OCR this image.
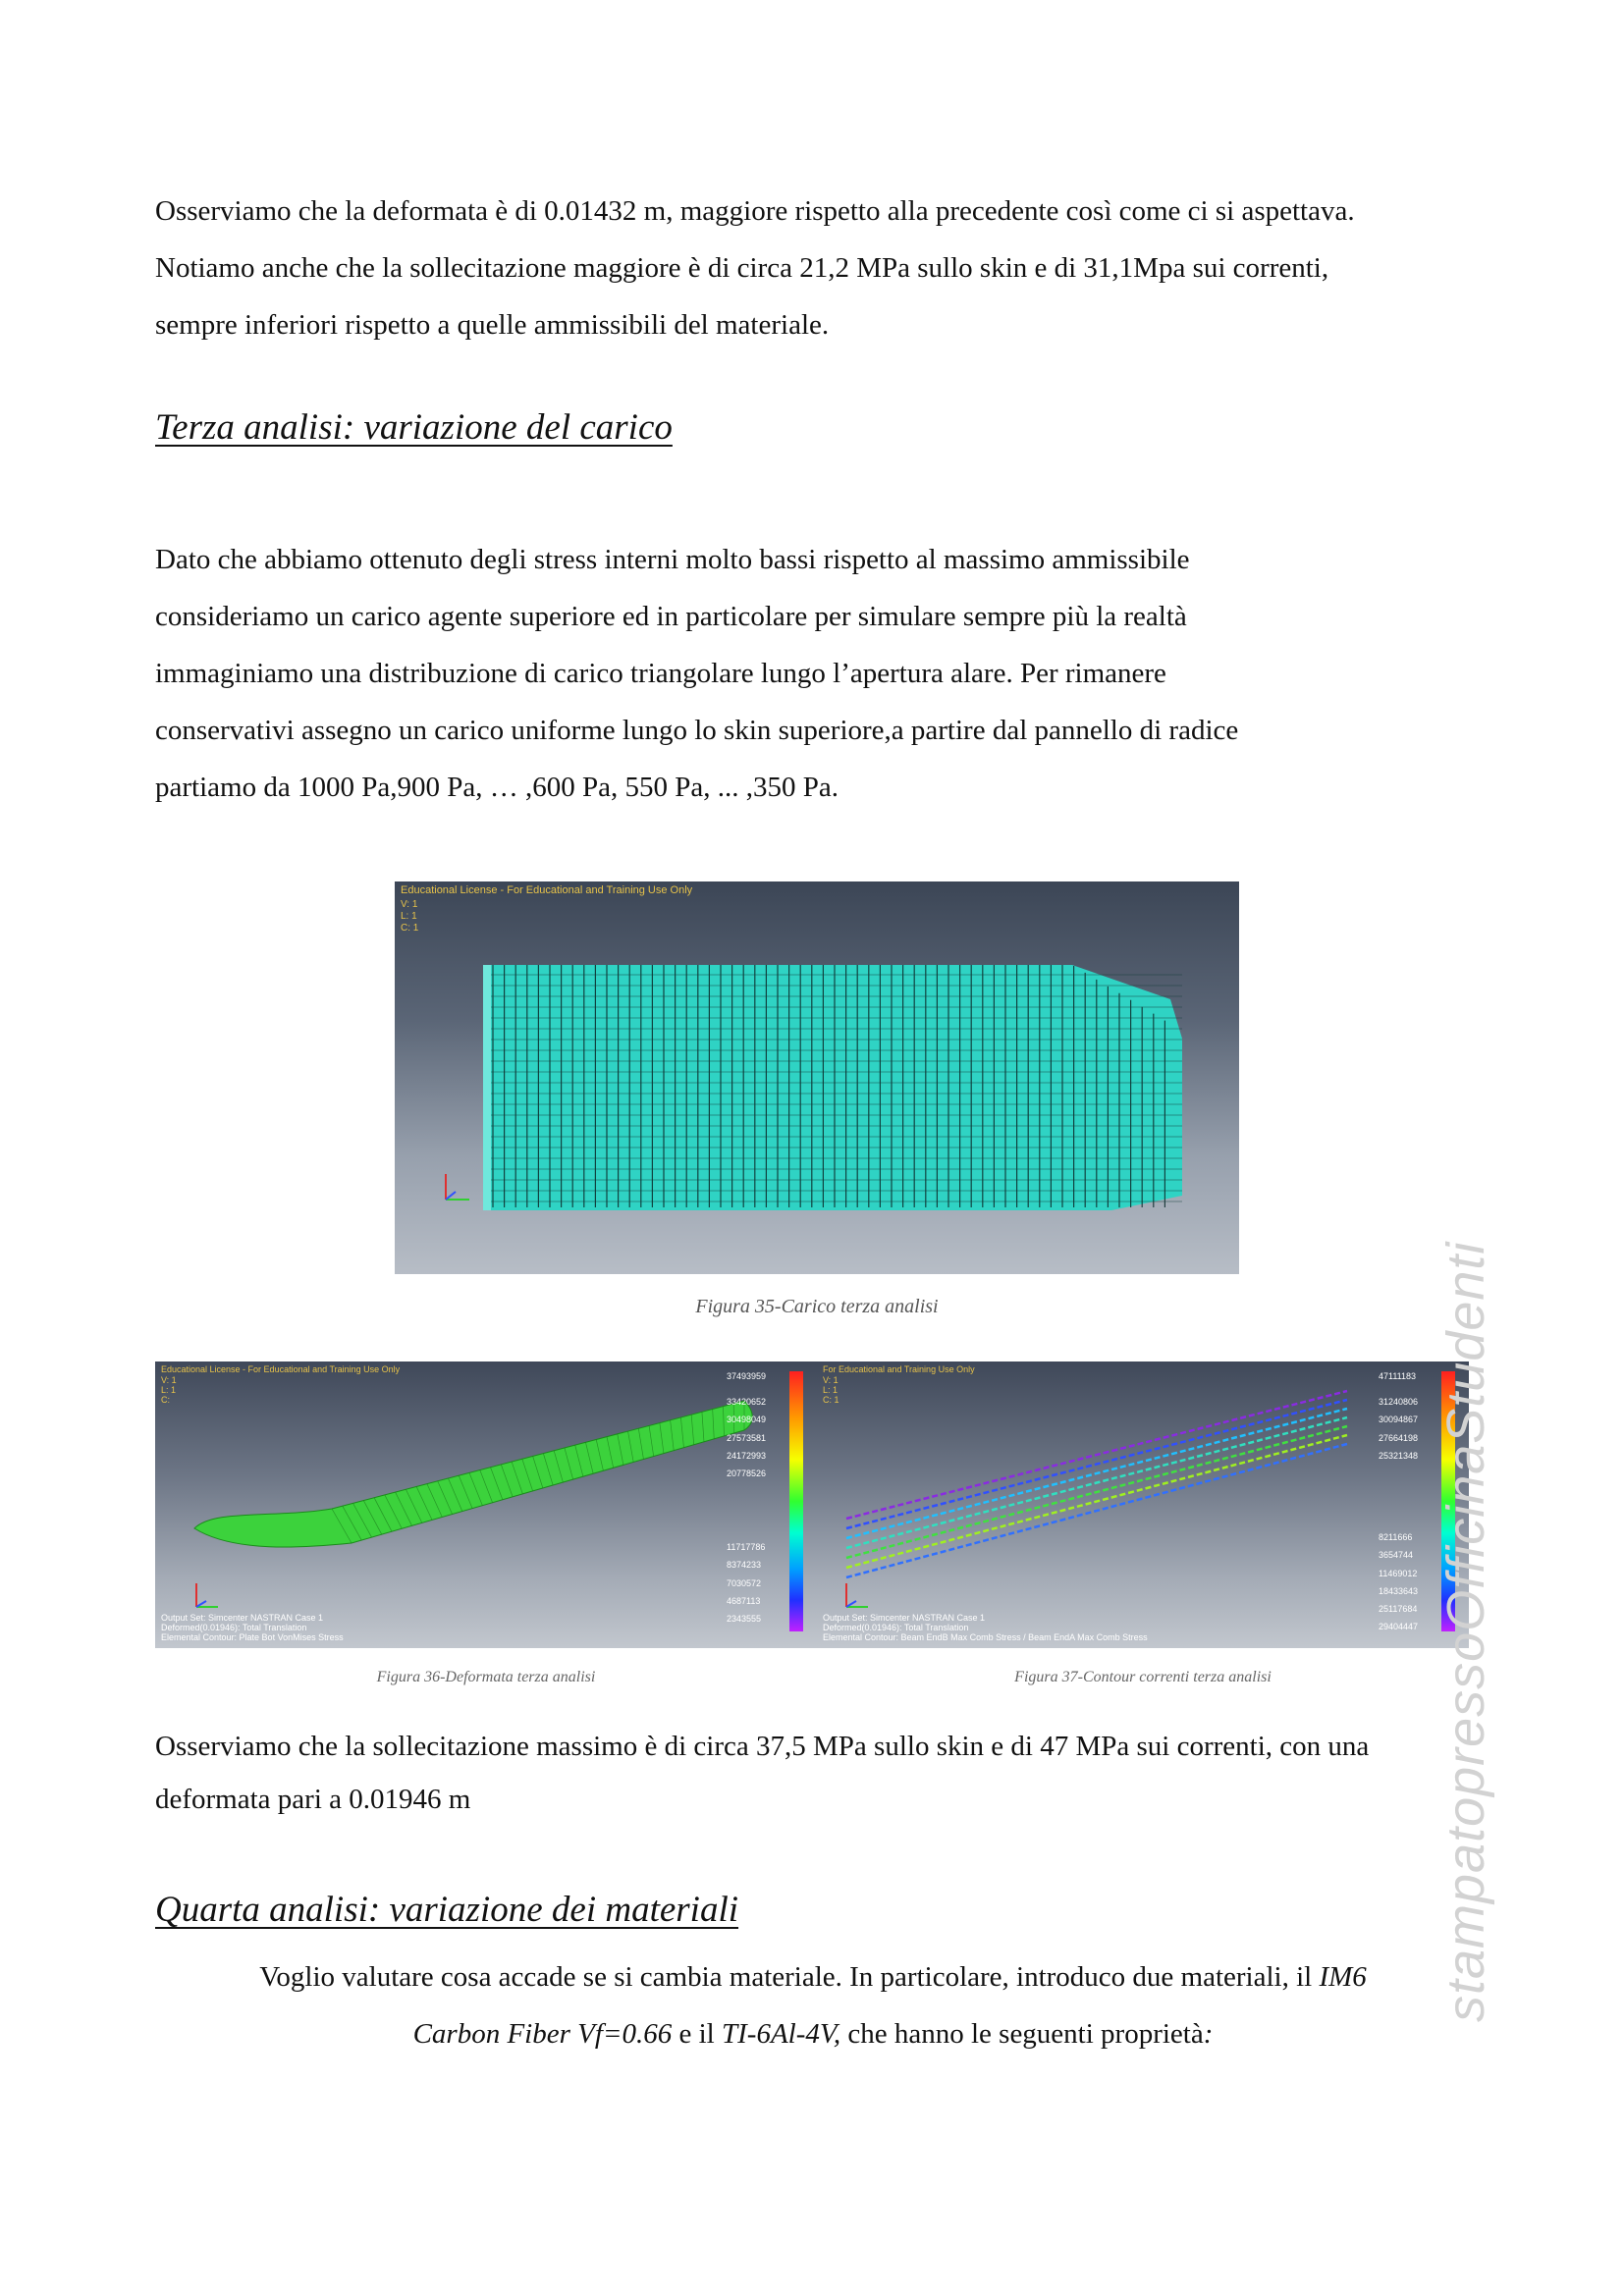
Osserviamo che la deformata è di 0.01432 m, maggiore rispetto alla precedente così come ci si aspettava.

Notiamo anche che la sollecitazione maggiore è di circa 21,2 MPa sullo skin e di 31,1Mpa sui correnti,

sempre inferiori rispetto a quelle ammissibili del materiale.

Terza analisi: variazione del carico

Dato che abbiamo ottenuto degli stress interni molto bassi rispetto al massimo ammissibile

consideriamo un carico agente superiore ed in particolare per simulare sempre più la realtà

immaginiamo una distribuzione di carico triangolare lungo l’apertura alare. Per rimanere

conservativi assegno un carico uniforme lungo lo skin superiore,a partire dal pannello di radice

partiamo da 1000 Pa,900 Pa, … ,600 Pa, 550 Pa, ... ,350 Pa.

Educational License - For Educational and Training Use Only
V: 1
L: 1
C: 1
Figura 35-Carico terza analisi
Educational License - For Educational and Training Use Only
V: 1
L: 1
C:
37493959
33420652
30498049
27573581
24172993
20778526
11717786
8374233
7030572
4687113
2343555
Output Set: Simcenter NASTRAN Case 1
Deformed(0.01946): Total Translation
Elemental Contour: Plate Bot VonMises Stress
For Educational and Training Use Only
V: 1
L: 1
C: 1
47111183
31240806
30094867
27664198
25321348
8211666
3654744
11469012
18433643
25117684
29404447
Output Set: Simcenter NASTRAN Case 1
Deformed(0.01946): Total Translation
Elemental Contour: Beam EndB Max Comb Stress / Beam EndA Max Comb Stress
Figura 36-Deformata terza analisi	Figura 37-Contour correnti terza analisi

Osserviamo che la sollecitazione massimo è di circa 37,5 MPa sullo skin e di 47 MPa sui correnti, con una

deformata pari a 0.01946 m

Quarta analisi: variazione dei materiali

Voglio valutare cosa accade se si cambia materiale. In particolare, introduco due materiali, il IM6

Carbon Fiber Vf=0.66 e il TI-6Al-4V, che hanno le seguenti proprietà:

stampatopressoOfficinaStudenti
